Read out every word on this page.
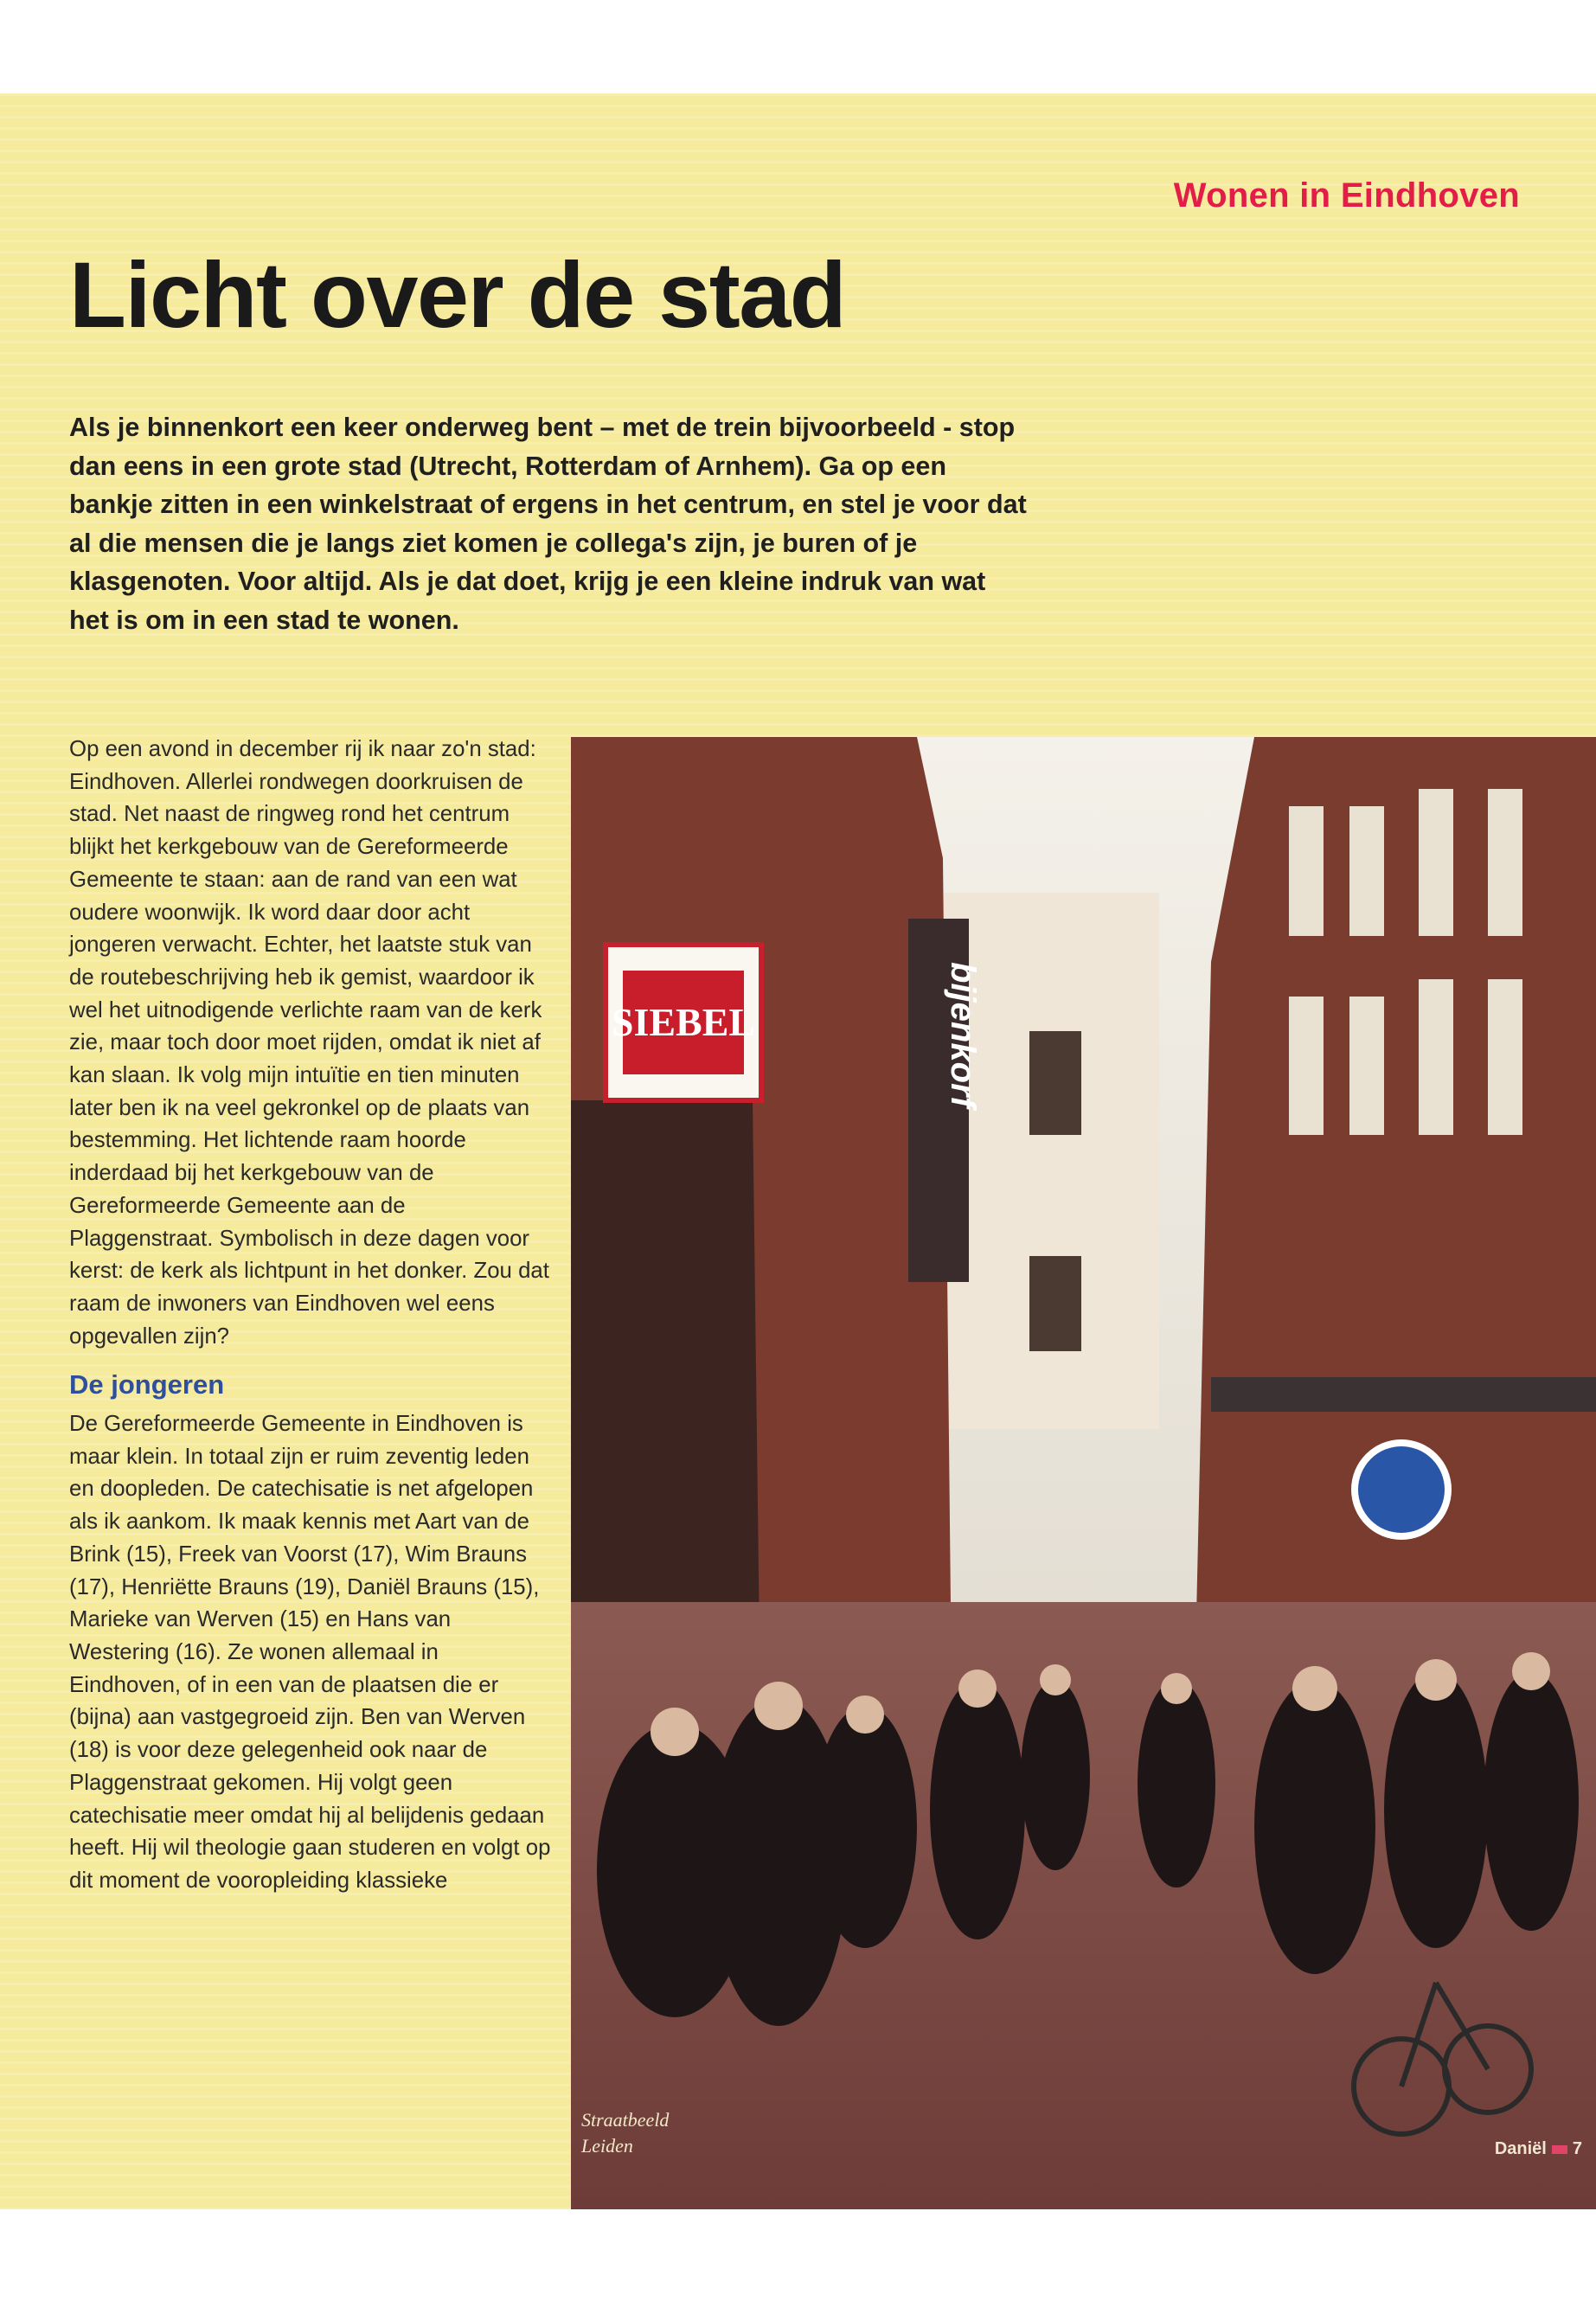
Wonen in Eindhoven
Licht over de stad
Als je binnenkort een keer onderweg bent – met de trein bijvoorbeeld - stop dan eens in een grote stad (Utrecht, Rotterdam of Arnhem). Ga op een bankje zitten in een winkelstraat of ergens in het centrum, en stel je voor dat al die mensen die je langs ziet komen je collega's zijn, je buren of je klasgenoten. Voor altijd. Als je dat doet, krijg je een kleine indruk van wat het is om in een stad te wonen.

Op een avond in december rij ik naar zo'n stad: Eindhoven. Allerlei rondwegen doorkruisen de stad. Net naast de ringweg rond het centrum blijkt het kerkgebouw van de Gereformeerde Gemeente te staan: aan de rand van een wat oudere woonwijk. Ik word daar door acht jongeren verwacht. Echter, het laatste stuk van de routebeschrijving heb ik gemist, waardoor ik wel het uitnodigende verlichte raam van de kerk zie, maar toch door moet rijden, omdat ik niet af kan slaan. Ik volg mijn intuïtie en tien minuten later ben ik na veel gekronkel op de plaats van bestemming. Het lichtende raam hoorde inderdaad bij het kerkgebouw van de Gereformeerde Gemeente aan de Plaggenstraat. Symbolisch in deze dagen voor kerst: de kerk als lichtpunt in het donker. Zou dat raam de inwoners van Eindhoven wel eens opgevallen zijn?

De jongeren

De Gereformeerde Gemeente in Eindhoven is maar klein. In totaal zijn er ruim zeventig leden en doopleden. De catechisatie is net afgelopen als ik aankom. Ik maak kennis met Aart van de Brink (15), Freek van Voorst (17), Wim Brauns (17), Henriëtte Brauns (19), Daniël Brauns (15), Marieke van Werven (15) en Hans van Westering (16). Ze wonen allemaal in Eindhoven, of in een van de plaatsen die er (bijna) aan vastgegroeid zijn. Ben van Werven (18) is voor deze gelegenheid ook naar de Plaggenstraat gekomen. Hij volgt geen catechisatie meer omdat hij al belijdenis gedaan heeft. Hij wil theologie gaan studeren en volgt op dit moment de vooropleiding klassieke

SIEBEL	bijenkorf
Straatbeeld
Leiden	Daniël 7
